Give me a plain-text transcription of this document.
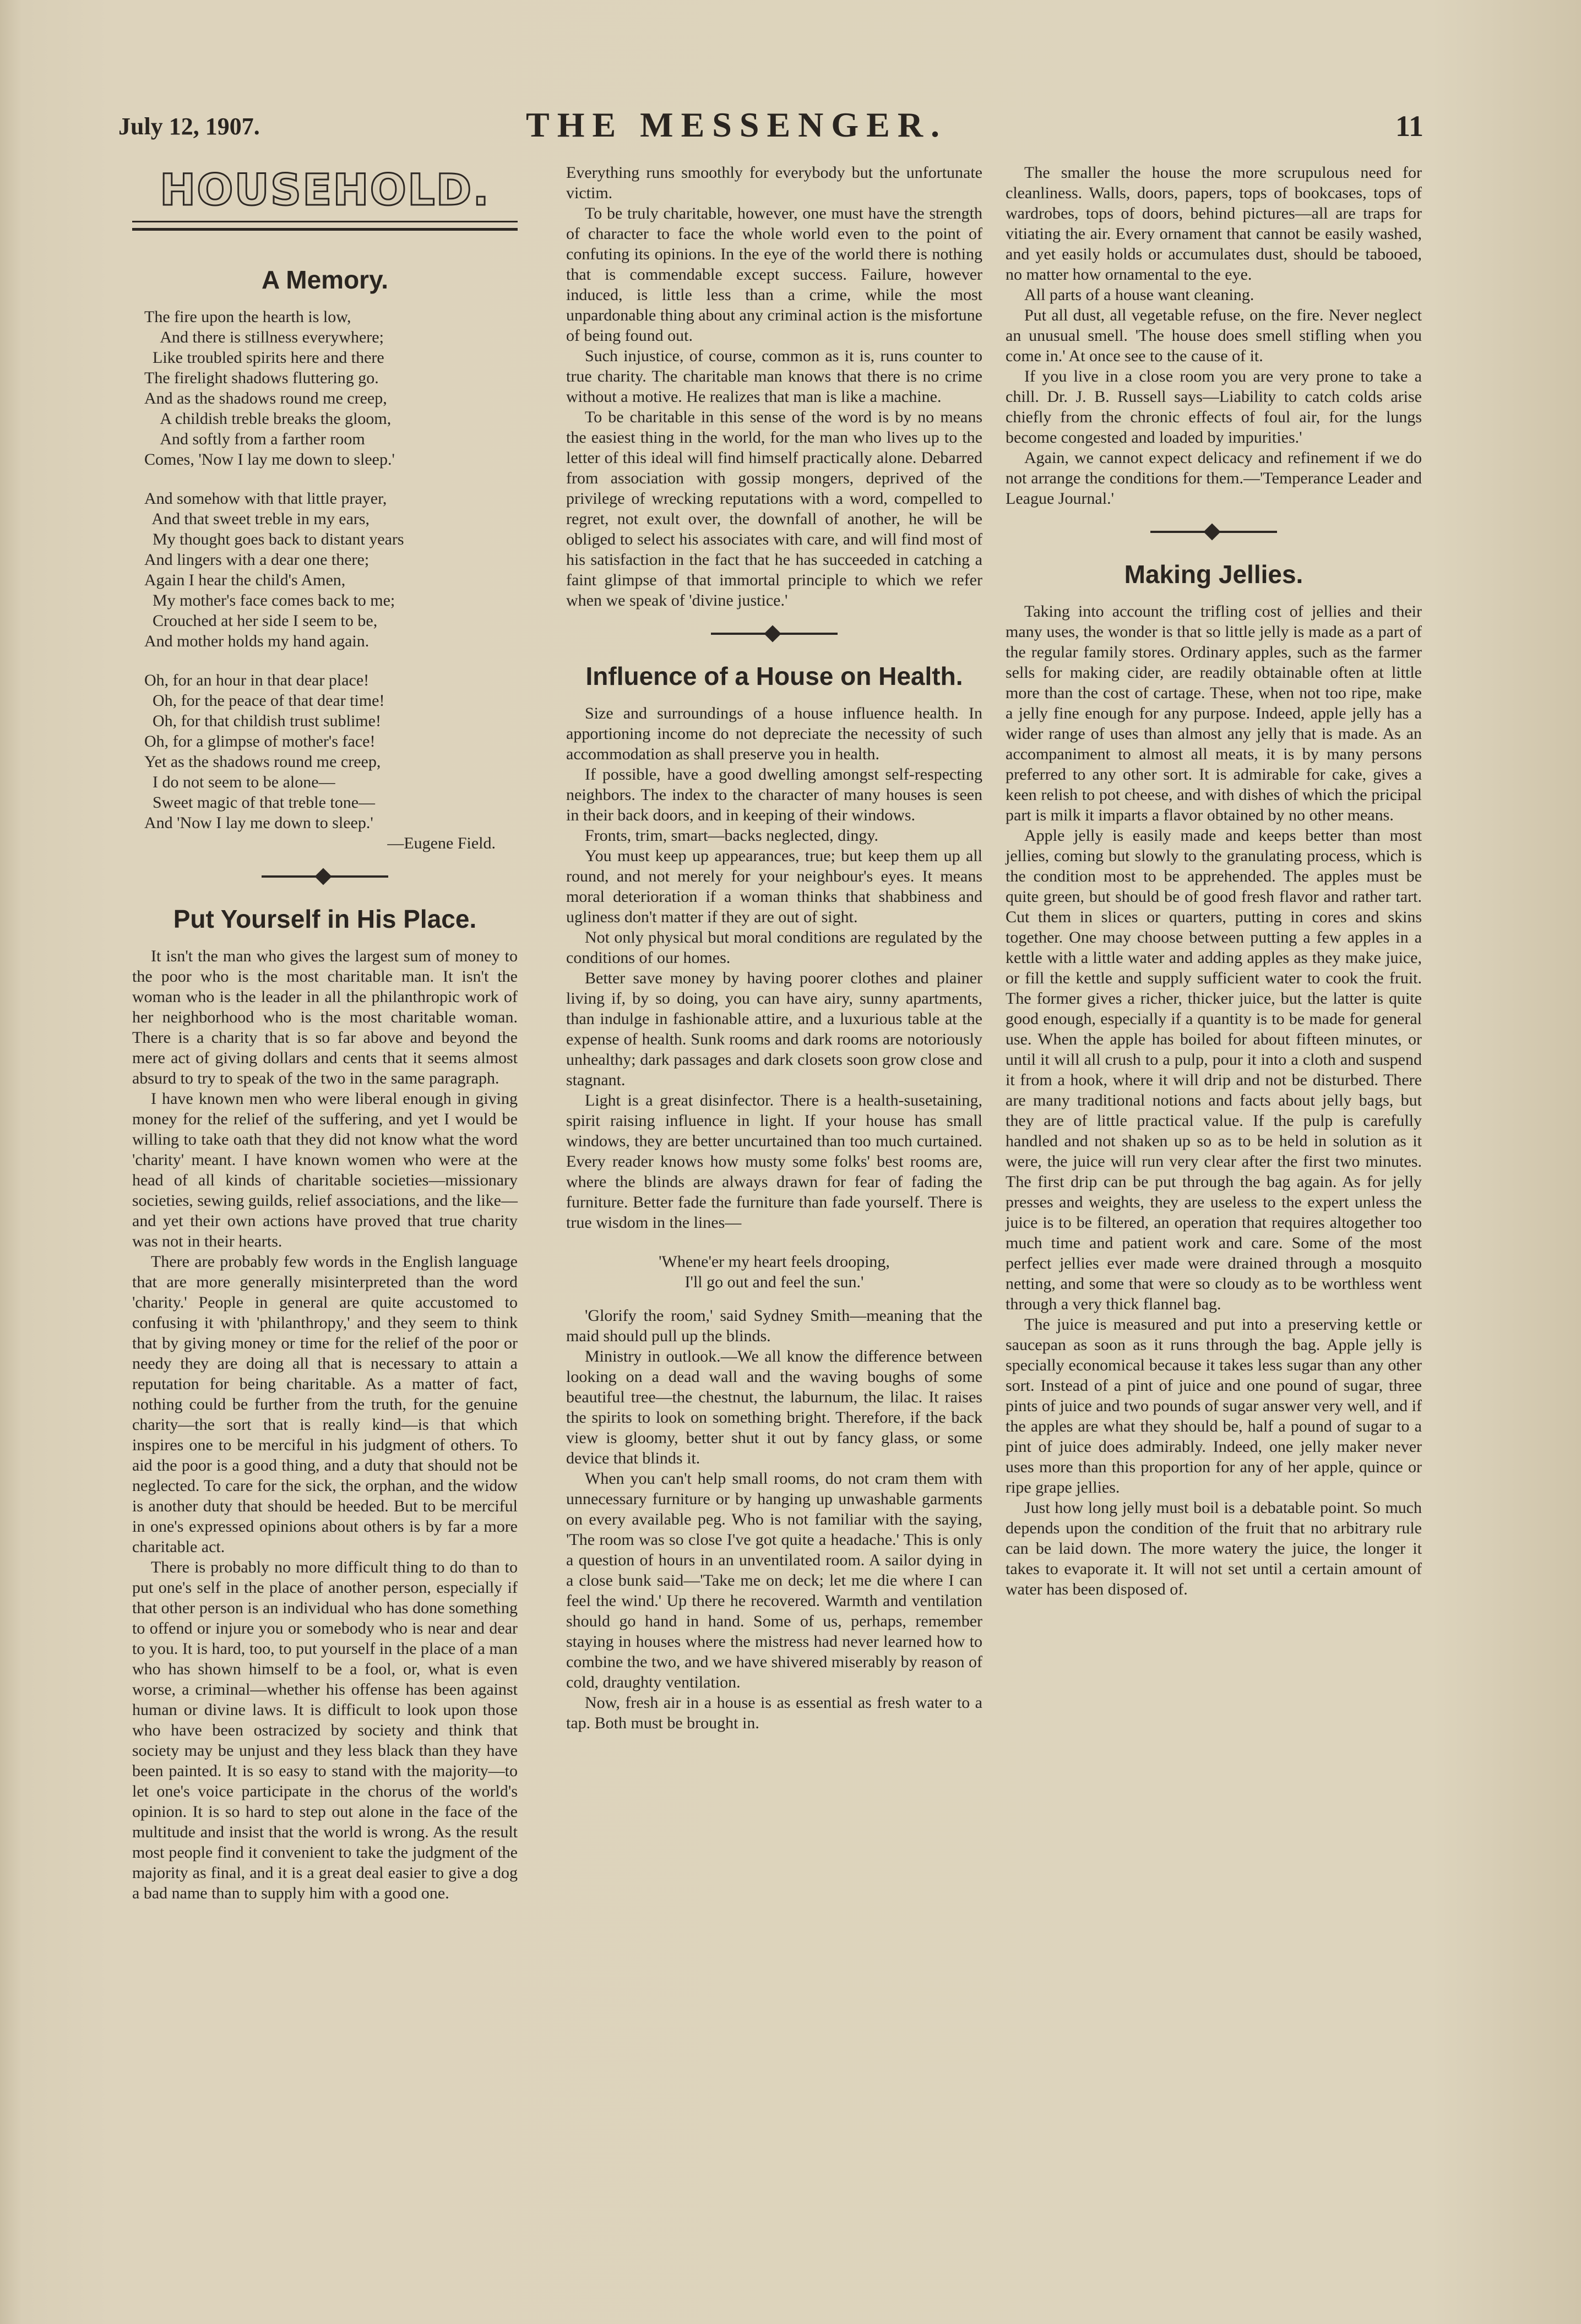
July 12, 1907.	THE MESSENGER.	11
HOUSEHOLD.
A Memory.
The fire upon the hearth is low,
And there is stillness everywhere;
Like troubled spirits here and there
The firelight shadows fluttering go.
And as the shadows round me creep,
A childish treble breaks the gloom,
And softly from a farther room
Comes, 'Now I lay me down to sleep.'
And somehow with that little prayer,
And that sweet treble in my ears,
My thought goes back to distant years
And lingers with a dear one there;
Again I hear the child's Amen,
My mother's face comes back to me;
Crouched at her side I seem to be,
And mother holds my hand again.
Oh, for an hour in that dear place!
Oh, for the peace of that dear time!
Oh, for that childish trust sublime!
Oh, for a glimpse of mother's face!
Yet as the shadows round me creep,
I do not seem to be alone—
Sweet magic of that treble tone—
And 'Now I lay me down to sleep.'
—Eugene Field.
Put Yourself in His Place.

It isn't the man who gives the largest sum of money to the poor who is the most charitable man. It isn't the woman who is the leader in all the philanthropic work of her neighborhood who is the most charitable woman. There is a charity that is so far above and beyond the mere act of giving dollars and cents that it seems almost absurd to try to speak of the two in the same paragraph.

I have known men who were liberal enough in giving money for the relief of the suffering, and yet I would be willing to take oath that they did not know what the word 'charity' meant. I have known women who were at the head of all kinds of charitable societies—missionary societies, sewing guilds, relief associations, and the like—and yet their own actions have proved that true charity was not in their hearts.

There are probably few words in the English language that are more generally misinterpreted than the word 'charity.' People in general are quite accustomed to confusing it with 'philanthropy,' and they seem to think that by giving money or time for the relief of the poor or needy they are doing all that is necessary to attain a reputation for being charitable. As a matter of fact, nothing could be further from the truth, for the genuine charity—the sort that is really kind—is that which inspires one to be merciful in his judgment of others. To aid the poor is a good thing, and a duty that should not be neglected. To care for the sick, the orphan, and the widow is another duty that should be heeded. But to be merciful in one's expressed opinions about others is by far a more charitable act.

There is probably no more difficult thing to do than to put one's self in the place of another person, especially if that other person is an individual who has done something to offend or injure you or somebody who is near and dear to you. It is hard, too, to put yourself in the place of a man who has shown himself to be a fool, or, what is even worse, a criminal—whether his offense has been against human or divine laws. It is difficult to look upon those who have been ostracized by society and think that society may be unjust and they less black than they have been painted. It is so easy to stand with the majority—to let one's voice participate in the chorus of the world's opinion. It is so hard to step out alone in the face of the multitude and insist that the world is wrong. As the result most people find it convenient to take the judgment of the majority as final, and it is a great deal easier to give a dog a bad name than to supply him with a good one.

Everything runs smoothly for everybody but the unfortunate victim.

To be truly charitable, however, one must have the strength of character to face the whole world even to the point of confuting its opinions. In the eye of the world there is nothing that is commendable except success. Failure, however induced, is little less than a crime, while the most unpardonable thing about any criminal action is the misfortune of being found out.

Such injustice, of course, common as it is, runs counter to true charity. The charitable man knows that there is no crime without a motive. He realizes that man is like a machine.

To be charitable in this sense of the word is by no means the easiest thing in the world, for the man who lives up to the letter of this ideal will find himself practically alone. Debarred from association with gossip mongers, deprived of the privilege of wrecking reputations with a word, compelled to regret, not exult over, the downfall of another, he will be obliged to select his associates with care, and will find most of his satisfaction in the fact that he has succeeded in catching a faint glimpse of that immortal principle to which we refer when we speak of 'divine justice.'

Influence of a House on Health.

Size and surroundings of a house influence health. In apportioning income do not depreciate the necessity of such accommodation as shall preserve you in health.

If possible, have a good dwelling amongst self-respecting neighbors. The index to the character of many houses is seen in their back doors, and in keeping of their windows.

Fronts, trim, smart—backs neglected, dingy.

You must keep up appearances, true; but keep them up all round, and not merely for your neighbour's eyes. It means moral deterioration if a woman thinks that shabbiness and ugliness don't matter if they are out of sight.

Not only physical but moral conditions are regulated by the conditions of our homes.

Better save money by having poorer clothes and plainer living if, by so doing, you can have airy, sunny apartments, than indulge in fashionable attire, and a luxurious table at the expense of health. Sunk rooms and dark rooms are notoriously unhealthy; dark passages and dark closets soon grow close and stagnant.

Light is a great disinfector. There is a health-susetaining, spirit raising influence in light. If your house has small windows, they are better uncurtained than too much curtained. Every reader knows how musty some folks' best rooms are, where the blinds are always drawn for fear of fading the furniture. Better fade the furniture than fade yourself. There is true wisdom in the lines—

'Whene'er my heart feels drooping,
I'll go out and feel the sun.'

'Glorify the room,' said Sydney Smith—meaning that the maid should pull up the blinds.

Ministry in outlook.—We all know the difference between looking on a dead wall and the waving boughs of some beautiful tree—the chestnut, the laburnum, the lilac. It raises the spirits to look on something bright. Therefore, if the back view is gloomy, better shut it out by fancy glass, or some device that blinds it.

When you can't help small rooms, do not cram them with unnecessary furniture or by hanging up unwashable garments on every available peg. Who is not familiar with the saying, 'The room was so close I've got quite a headache.' This is only a question of hours in an unventilated room. A sailor dying in a close bunk said—'Take me on deck; let me die where I can feel the wind.' Up there he recovered. Warmth and ventilation should go hand in hand. Some of us, perhaps, remember staying in houses where the mistress had never learned how to combine the two, and we have shivered miserably by reason of cold, draughty ventilation.

Now, fresh air in a house is as essential as fresh water to a tap. Both must be brought in.

The smaller the house the more scrupulous need for cleanliness. Walls, doors, papers, tops of bookcases, tops of wardrobes, tops of doors, behind pictures—all are traps for vitiating the air. Every ornament that cannot be easily washed, and yet easily holds or accumulates dust, should be tabooed, no matter how ornamental to the eye.

All parts of a house want cleaning.

Put all dust, all vegetable refuse, on the fire. Never neglect an unusual smell. 'The house does smell stifling when you come in.' At once see to the cause of it.

If you live in a close room you are very prone to take a chill. Dr. J. B. Russell says—Liability to catch colds arise chiefly from the chronic effects of foul air, for the lungs become congested and loaded by impurities.'

Again, we cannot expect delicacy and refinement if we do not arrange the conditions for them.—'Temperance Leader and League Journal.'

Making Jellies.

Taking into account the trifling cost of jellies and their many uses, the wonder is that so little jelly is made as a part of the regular family stores. Ordinary apples, such as the farmer sells for making cider, are readily obtainable often at little more than the cost of cartage. These, when not too ripe, make a jelly fine enough for any purpose. Indeed, apple jelly has a wider range of uses than almost any jelly that is made. As an accompaniment to almost all meats, it is by many persons preferred to any other sort. It is admirable for cake, gives a keen relish to pot cheese, and with dishes of which the pricipal part is milk it imparts a flavor obtained by no other means.

Apple jelly is easily made and keeps better than most jellies, coming but slowly to the granulating process, which is the condition most to be apprehended. The apples must be quite green, but should be of good fresh flavor and rather tart. Cut them in slices or quarters, putting in cores and skins together. One may choose between putting a few apples in a kettle with a little water and adding apples as they make juice, or fill the kettle and supply sufficient water to cook the fruit. The former gives a richer, thicker juice, but the latter is quite good enough, especially if a quantity is to be made for general use. When the apple has boiled for about fifteen minutes, or until it will all crush to a pulp, pour it into a cloth and suspend it from a hook, where it will drip and not be disturbed. There are many traditional notions and facts about jelly bags, but they are of little practical value. If the pulp is carefully handled and not shaken up so as to be held in solution as it were, the juice will run very clear after the first two minutes. The first drip can be put through the bag again. As for jelly presses and weights, they are useless to the expert unless the juice is to be filtered, an operation that requires altogether too much time and patient work and care. Some of the most perfect jellies ever made were drained through a mosquito netting, and some that were so cloudy as to be worthless went through a very thick flannel bag.

The juice is measured and put into a preserving kettle or saucepan as soon as it runs through the bag. Apple jelly is specially economical because it takes less sugar than any other sort. Instead of a pint of juice and one pound of sugar, three pints of juice and two pounds of sugar answer very well, and if the apples are what they should be, half a pound of sugar to a pint of juice does admirably. Indeed, one jelly maker never uses more than this proportion for any of her apple, quince or ripe grape jellies.

Just how long jelly must boil is a debatable point. So much depends upon the condition of the fruit that no arbitrary rule can be laid down. The more watery the juice, the longer it takes to evaporate it. It will not set until a certain amount of water has been disposed of.
